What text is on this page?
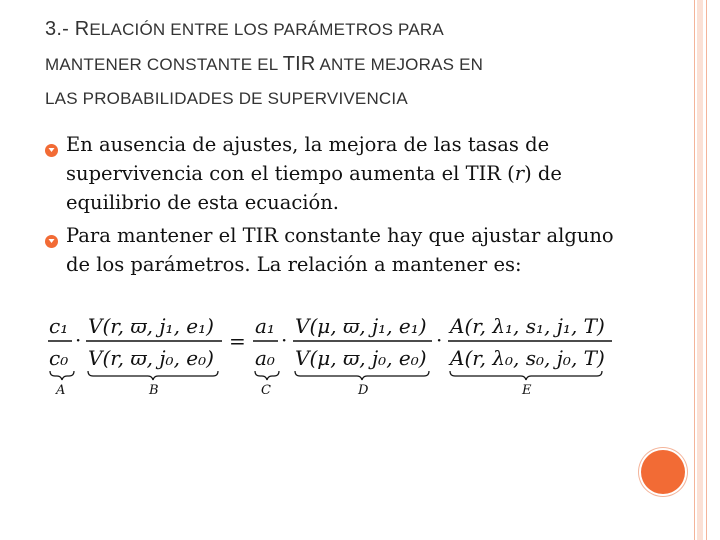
3.- RELACIÓN ENTRE LOS PARÁMETROS PARA
MANTENER CONSTANTE EL TIR ANTE MEJORAS EN
LAS PROBABILIDADES DE SUPERVIVENCIA
En ausencia de ajustes, la mejora de las tasas de supervivencia con el tiempo aumenta el TIR (r) de equilibrio de esta ecuación.
Para mantener el TIR constante hay que ajustar alguno de los parámetros. La relación a mantener es:
c₁
c₀
·
V(r, ϖ, j₁, e₁)
V(r, ϖ, j₀, e₀)
=
a₁
a₀
·
V(μ, ϖ, j₁, e₁)
V(μ, ϖ, j₀, e₀)
·
A(r, λ₁, s₁, j₁, T)
A(r, λ₀, s₀, j₀, T)
A	B	C	D	E
